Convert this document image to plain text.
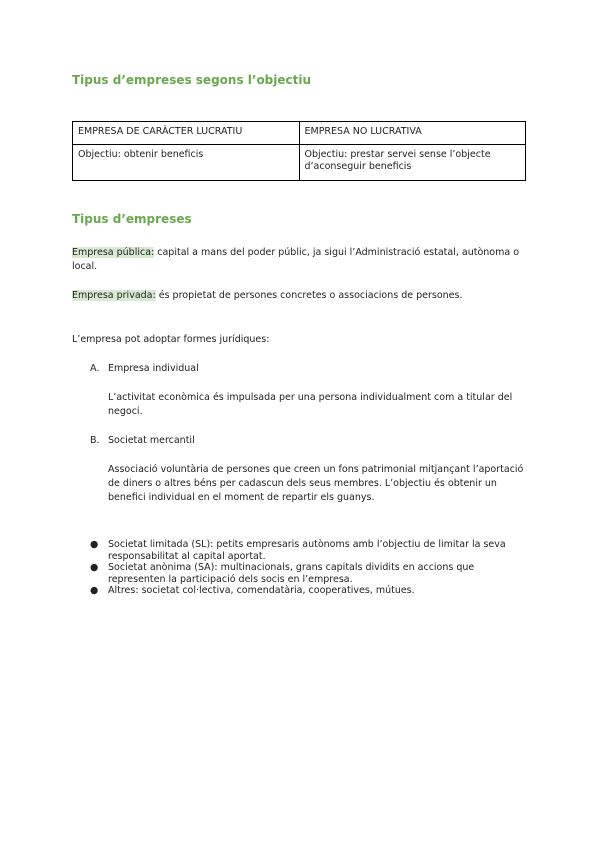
Tipus d’empreses segons l’objectiu
EMPRESA DE CARÀCTER LUCRATIU	EMPRESA NO LUCRATIVA
Objectiu: obtenir beneficis	Objectiu: prestar servei sense l’objecte d’aconseguir beneficis
Tipus d’empreses

Empresa pública: capital a mans del poder públic, ja sigui l’Administració estatal, autònoma o local.

Empresa privada: és propietat de persones concretes o associacions de persones.

L’empresa pot adoptar formes jurídiques:

A. Empresa individual

L’activitat econòmica és impulsada per una persona individualment com a titular del negoci.

B. Societat mercantil

Associació voluntària de persones que creen un fons patrimonial mitjançant l’aportació de diners o altres béns per cadascun dels seus membres. L’objectiu és obtenir un benefici individual en el moment de repartir els guanys.

● Societat limitada (SL): petits empresaris autònoms amb l’objectiu de limitar la seva responsabilitat al capital aportat.
● Societat anònima (SA): multinacionals, grans capitals dividits en accions que representen la participació dels socis en l’empresa.
● Altres: societat col·lectiva, comendatària, cooperatives, mútues.
